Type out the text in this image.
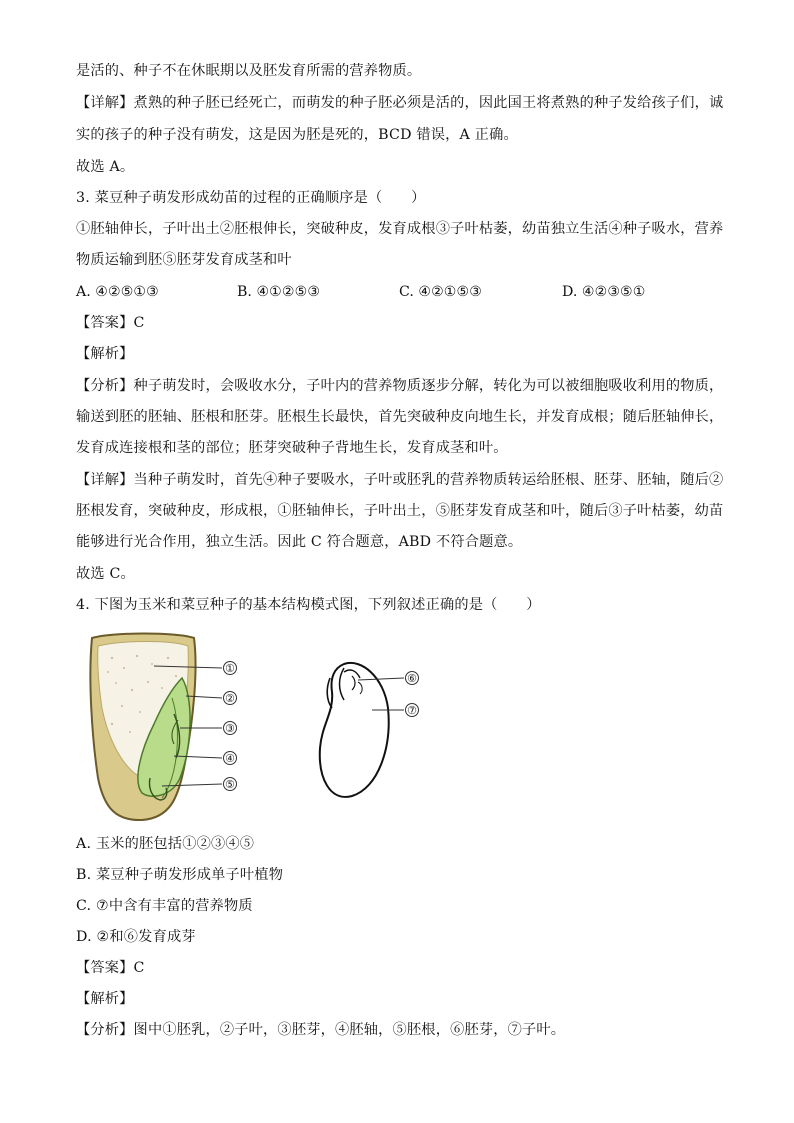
是活的、种子不在休眠期以及胚发育所需的营养物质。
【详解】煮熟的种子胚已经死亡，而萌发的种子胚必须是活的，因此国王将煮熟的种子发给孩子们，诚
实的孩子的种子没有萌发，这是因为胚是死的，BCD 错误，A 正确。
故选 A。
3. 菜豆种子萌发形成幼苗的过程的正确顺序是（　　）
①胚轴伸长，子叶出土②胚根伸长，突破种皮，发育成根③子叶枯萎，幼苗独立生活④种子吸水，营养
物质运输到胚⑤胚芽发育成茎和叶
A. ④②⑤①③	B. ④①②⑤③	C. ④②①⑤③	D. ④②③⑤①
【答案】C
【解析】
【分析】种子萌发时，会吸收水分，子叶内的营养物质逐步分解，转化为可以被细胞吸收利用的物质，
输送到胚的胚轴、胚根和胚芽。胚根生长最快，首先突破种皮向地生长，并发育成根；随后胚轴伸长，
发育成连接根和茎的部位；胚芽突破种子背地生长，发育成茎和叶。
【详解】当种子萌发时，首先④种子要吸水，子叶或胚乳的营养物质转运给胚根、胚芽、胚轴，随后②
胚根发育，突破种皮，形成根，①胚轴伸长，子叶出土，⑤胚芽发育成茎和叶，随后③子叶枯萎，幼苗
能够进行光合作用，独立生活。因此 C 符合题意，ABD 不符合题意。
故选 C。
4. 下图为玉米和菜豆种子的基本结构模式图，下列叙述正确的是（　　）
①
②
③
④
⑤
⑥
⑦
A. 玉米的胚包括①②③④⑤
B. 菜豆种子萌发形成单子叶植物
C. ⑦中含有丰富的营养物质
D. ②和⑥发育成芽
【答案】C
【解析】
【分析】图中①胚乳，②子叶，③胚芽，④胚轴，⑤胚根，⑥胚芽，⑦子叶。
